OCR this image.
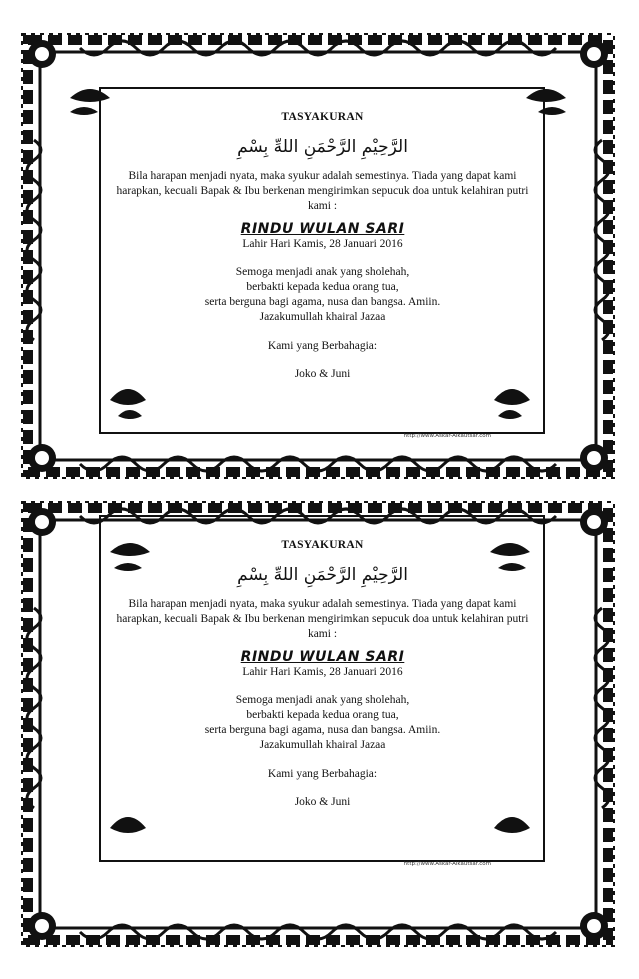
TASYAKURAN
الرَّحِيْمِ الرَّحْمَنِ اللهِّ بِسْمِ
Bila harapan menjadi nyata, maka syukur adalah semestinya. Tiada yang dapat kami
harapkan, kecuali Bapak & Ibu berkenan mengirimkan sepucuk doa untuk kelahiran putri
kami :
RINDU WULAN SARI
Lahir Hari Kamis, 28 Januari 2016
Semoga menjadi anak yang sholehah,
berbakti kepada kedua orang tua,
serta berguna bagi agama, nusa dan bangsa. Amiin.
Jazakumullah khairal Jazaa
Kami yang Berbahagia:
Joko & Juni
http://www.Askar-Alkautsar.com
TASYAKURAN
الرَّحِيْمِ الرَّحْمَنِ اللهِّ بِسْمِ
Bila harapan menjadi nyata, maka syukur adalah semestinya. Tiada yang dapat kami
harapkan, kecuali Bapak & Ibu berkenan mengirimkan sepucuk doa untuk kelahiran putri
kami :
RINDU WULAN SARI
Lahir Hari Kamis, 28 Januari 2016
Semoga menjadi anak yang sholehah,
berbakti kepada kedua orang tua,
serta berguna bagi agama, nusa dan bangsa. Amiin.
Jazakumullah khairal Jazaa
Kami yang Berbahagia:
Joko & Juni
http://www.Askar-Alkautsar.com
